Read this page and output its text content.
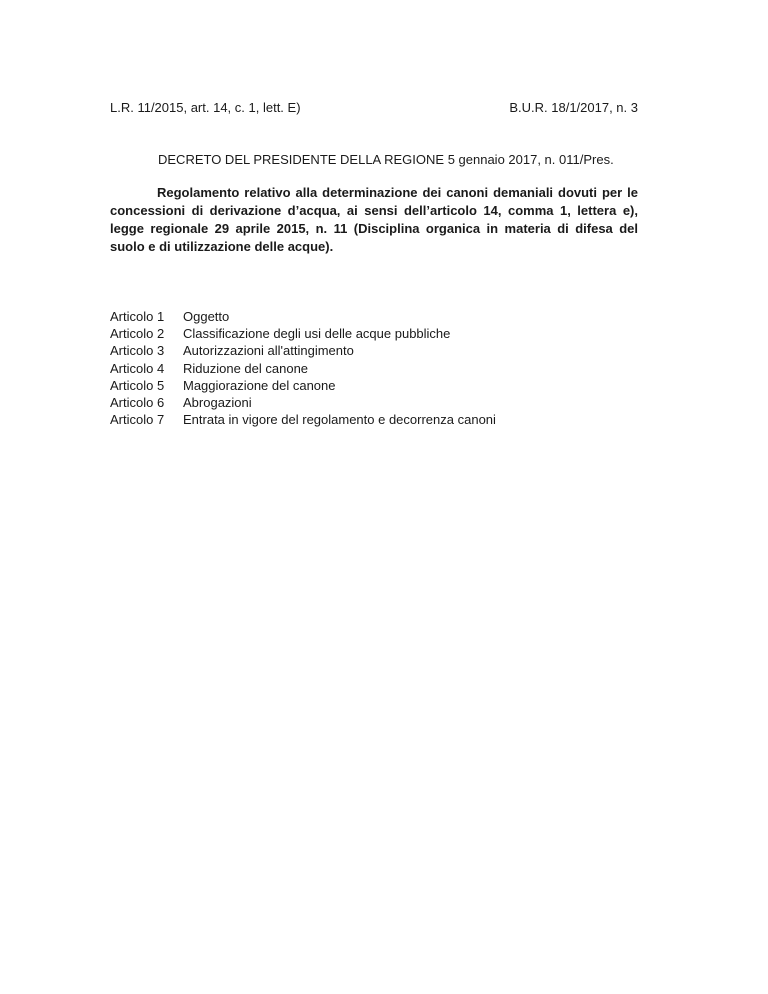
L.R. 11/2015, art. 14, c. 1, lett. E)	B.U.R. 18/1/2017, n. 3
DECRETO DEL PRESIDENTE DELLA REGIONE 5 gennaio 2017, n. 011/Pres.
Regolamento relativo alla determinazione dei canoni demaniali dovuti per le concessioni di derivazione d’acqua, ai sensi dell’articolo 14, comma 1, lettera e), legge regionale 29 aprile 2015, n. 11 (Disciplina organica in materia di difesa del suolo e di utilizzazione delle acque).
Articolo 1	Oggetto
Articolo 2	Classificazione degli usi delle acque pubbliche
Articolo 3	Autorizzazioni all'attingimento
Articolo 4	Riduzione del canone
Articolo 5	Maggiorazione del canone
Articolo 6	Abrogazioni
Articolo 7	Entrata in vigore del regolamento e decorrenza canoni
